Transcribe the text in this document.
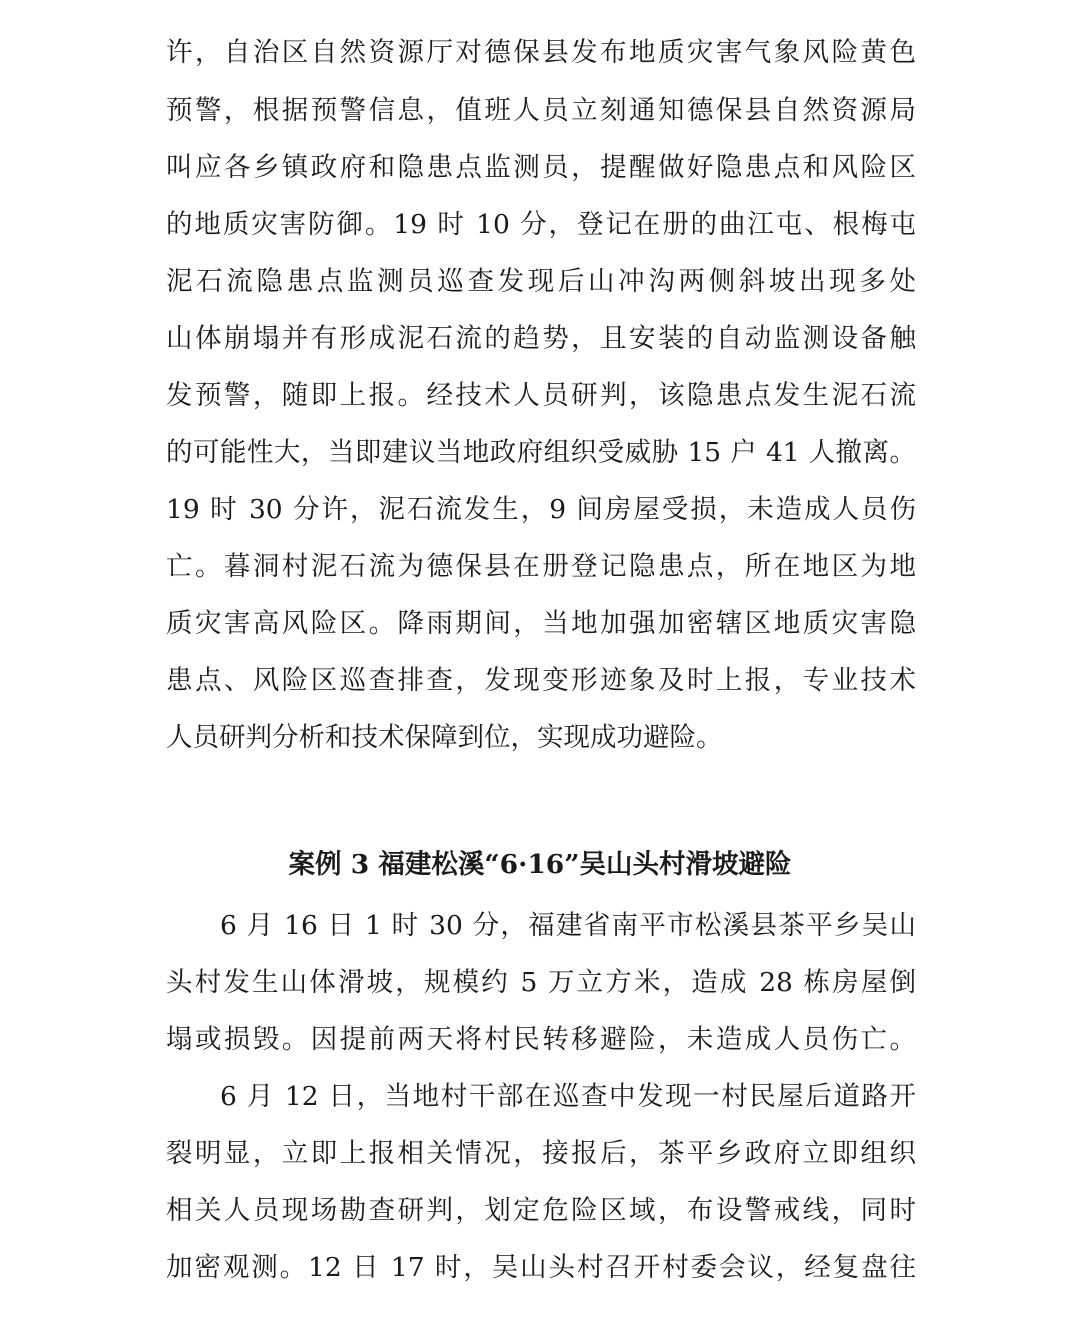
许，自治区自然资源厅对德保县发布地质灾害气象风险黄色
预警，根据预警信息，值班人员立刻通知德保县自然资源局
叫应各乡镇政府和隐患点监测员，提醒做好隐患点和风险区
的地质灾害防御。19 时 10 分，登记在册的曲江屯、根梅屯
泥石流隐患点监测员巡查发现后山冲沟两侧斜坡出现多处
山体崩塌并有形成泥石流的趋势，且安装的自动监测设备触
发预警，随即上报。经技术人员研判，该隐患点发生泥石流
的可能性大，当即建议当地政府组织受威胁 15 户 41 人撤离。
19 时 30 分许，泥石流发生，9 间房屋受损，未造成人员伤
亡。暮洞村泥石流为德保县在册登记隐患点，所在地区为地
质灾害高风险区。降雨期间，当地加强加密辖区地质灾害隐
患点、风险区巡查排查，发现变形迹象及时上报，专业技术
人员研判分析和技术保障到位，实现成功避险。
案例 3 福建松溪“6·16”吴山头村滑坡避险
6 月 16 日 1 时 30 分，福建省南平市松溪县茶平乡吴山
头村发生山体滑坡，规模约 5 万立方米，造成 28 栋房屋倒
塌或损毁。因提前两天将村民转移避险，未造成人员伤亡。
6 月 12 日，当地村干部在巡查中发现一村民屋后道路开
裂明显，立即上报相关情况，接报后，茶平乡政府立即组织
相关人员现场勘查研判，划定危险区域，布设警戒线，同时
加密观测。12 日 17 时，吴山头村召开村委会议，经复盘往
